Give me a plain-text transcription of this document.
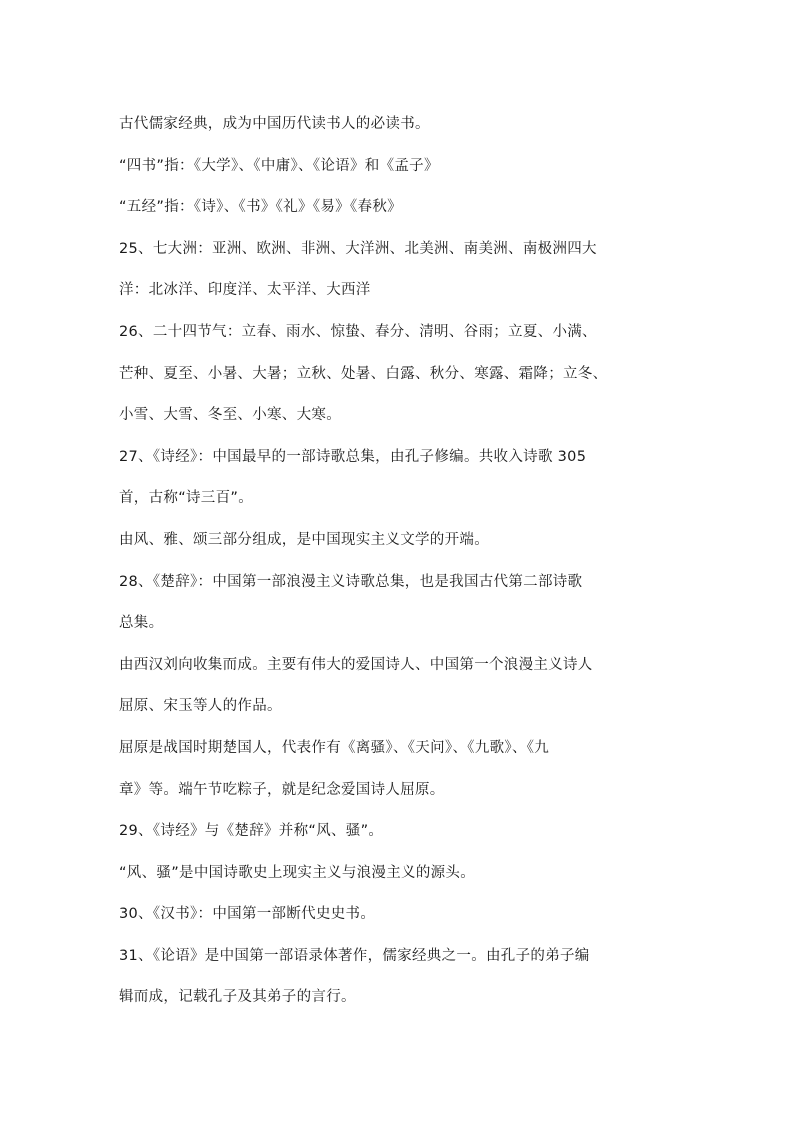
古代儒家经典，成为中国历代读书人的必读书。
“四书”指：《大学》、《中庸》、《论语》和《孟子》
“五经”指：《诗》、《书》《礼》《易》《春秋》
25、七大洲：亚洲、欧洲、非洲、大洋洲、北美洲、南美洲、南极洲四大
洋：北冰洋、印度洋、太平洋、大西洋
26、二十四节气：立春、雨水、惊蛰、春分、清明、谷雨；立夏、小满、
芒种、夏至、小暑、大暑；立秋、处暑、白露、秋分、寒露、霜降；立冬、
小雪、大雪、冬至、小寒、大寒。
27、《诗经》：中国最早的一部诗歌总集，由孔子修编。共收入诗歌 305
首，古称“诗三百”。
由风、雅、颂三部分组成，是中国现实主义文学的开端。
28、《楚辞》：中国第一部浪漫主义诗歌总集，也是我国古代第二部诗歌
总集。
由西汉刘向收集而成。主要有伟大的爱国诗人、中国第一个浪漫主义诗人
屈原、宋玉等人的作品。
屈原是战国时期楚国人，代表作有《离骚》、《天问》、《九歌》、《九
章》等。端午节吃粽子，就是纪念爱国诗人屈原。
29、《诗经》与《楚辞》并称“风、骚”。
“风、骚”是中国诗歌史上现实主义与浪漫主义的源头。
30、《汉书》：中国第一部断代史史书。
31、《论语》是中国第一部语录体著作，儒家经典之一。由孔子的弟子编
辑而成，记载孔子及其弟子的言行。
